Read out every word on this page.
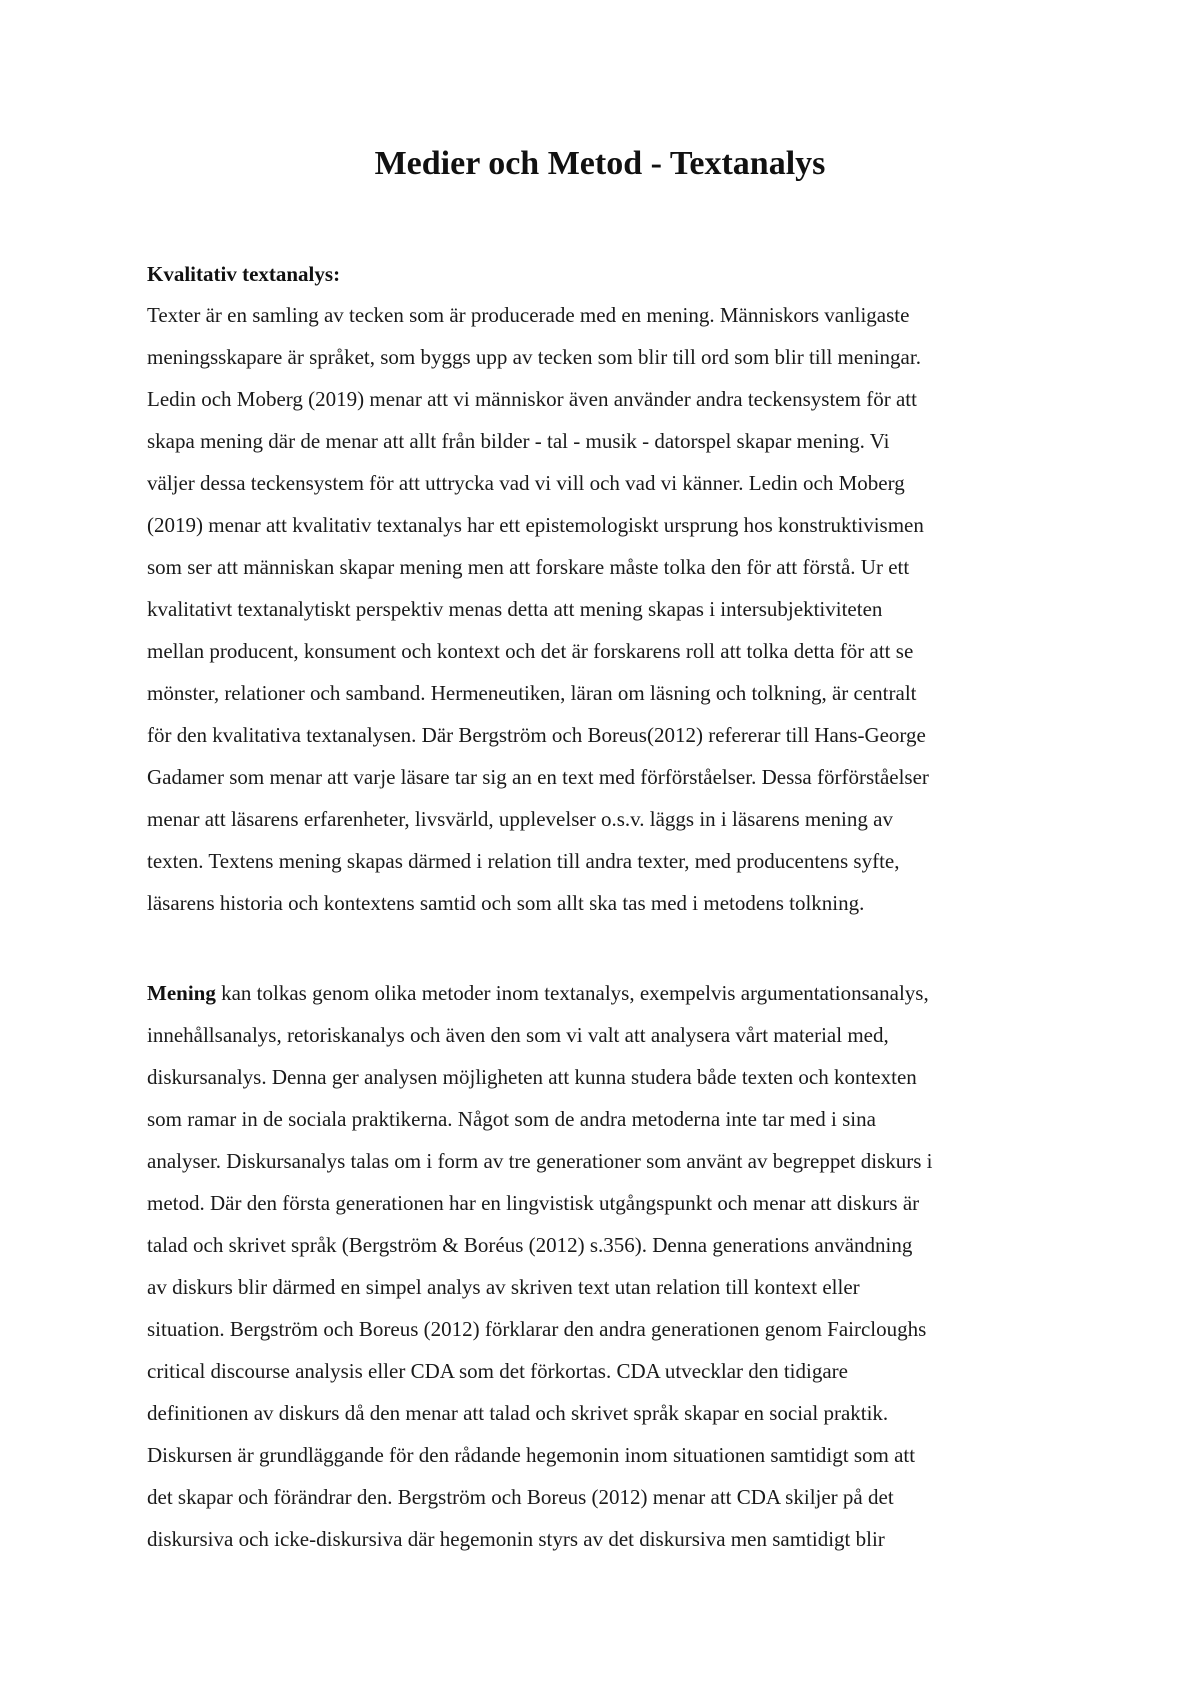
Medier och Metod - Textanalys
Kvalitativ textanalys:

Texter är en samling av tecken som är producerade med en mening. Människors vanligaste
meningsskapare är språket, som byggs upp av tecken som blir till ord som blir till meningar.
Ledin och Moberg (2019) menar att vi människor även använder andra teckensystem för att
skapa mening där de menar att allt från bilder - tal - musik - datorspel skapar mening. Vi
väljer dessa teckensystem för att uttrycka vad vi vill och vad vi känner. Ledin och Moberg
(2019) menar att kvalitativ textanalys har ett epistemologiskt ursprung hos konstruktivismen
som ser att människan skapar mening men att forskare måste tolka den för att förstå. Ur ett
kvalitativt textanalytiskt perspektiv menas detta att mening skapas i intersubjektiviteten
mellan producent, konsument och kontext och det är forskarens roll att tolka detta för att se
mönster, relationer och samband. Hermeneutiken, läran om läsning och tolkning, är centralt
för den kvalitativa textanalysen. Där Bergström och Boreus(2012) refererar till Hans-George
Gadamer som menar att varje läsare tar sig an en text med förförståelser. Dessa förförståelser
menar att läsarens erfarenheter, livsvärld, upplevelser o.s.v. läggs in i läsarens mening av
texten. Textens mening skapas därmed i relation till andra texter, med producentens syfte,
läsarens historia och kontextens samtid och som allt ska tas med i metodens tolkning.

Mening kan tolkas genom olika metoder inom textanalys, exempelvis argumentationsanalys,
innehållsanalys, retoriskanalys och även den som vi valt att analysera vårt material med,
diskursanalys. Denna ger analysen möjligheten att kunna studera både texten och kontexten
som ramar in de sociala praktikerna. Något som de andra metoderna inte tar med i sina
analyser. Diskursanalys talas om i form av tre generationer som använt av begreppet diskurs i
metod. Där den första generationen har en lingvistisk utgångspunkt och menar att diskurs är
talad och skrivet språk (Bergström & Boréus (2012) s.356). Denna generations användning
av diskurs blir därmed en simpel analys av skriven text utan relation till kontext eller
situation. Bergström och Boreus (2012) förklarar den andra generationen genom Faircloughs
critical discourse analysis eller CDA som det förkortas. CDA utvecklar den tidigare
definitionen av diskurs då den menar att talad och skrivet språk skapar en social praktik.
Diskursen är grundläggande för den rådande hegemonin inom situationen samtidigt som att
det skapar och förändrar den. Bergström och Boreus (2012) menar att CDA skiljer på det
diskursiva och icke-diskursiva där hegemonin styrs av det diskursiva men samtidigt blir
